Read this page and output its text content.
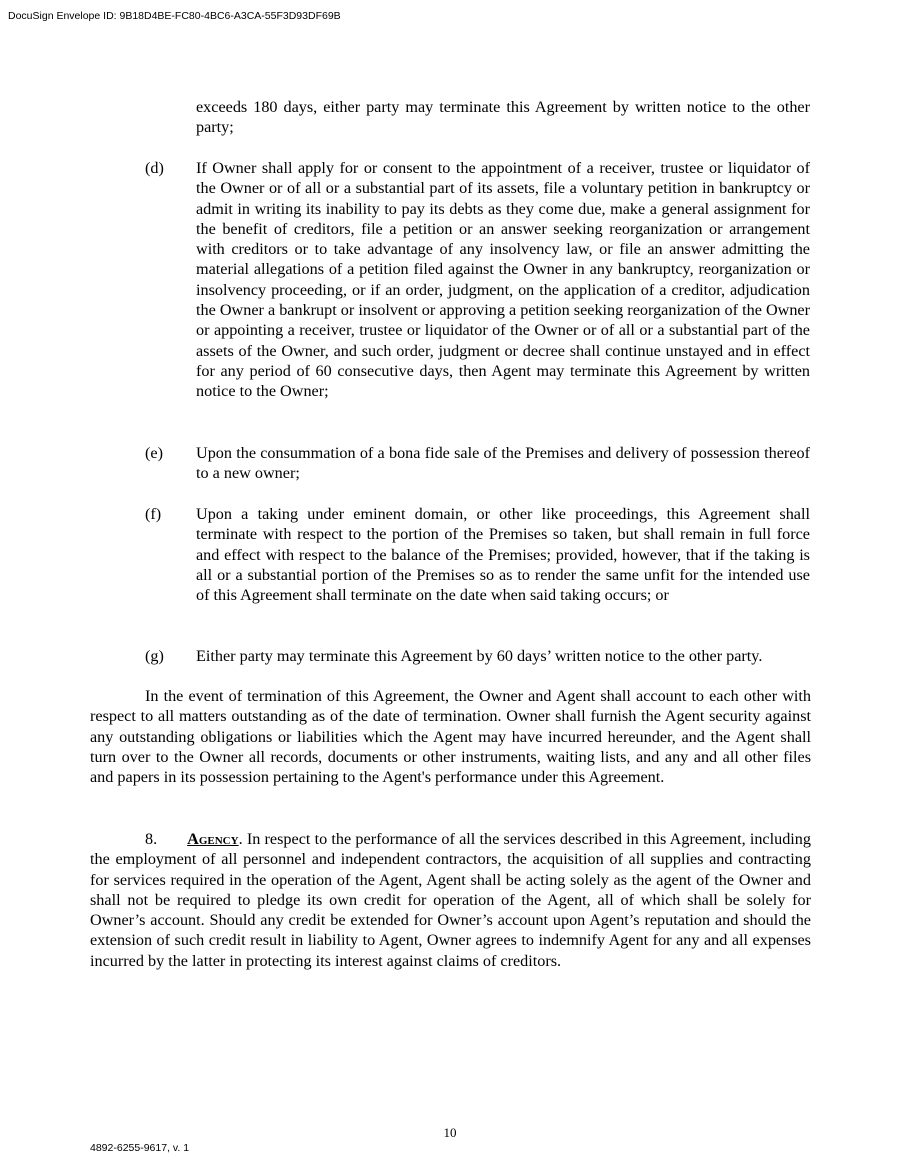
DocuSign Envelope ID: 9B18D4BE-FC80-4BC6-A3CA-55F3D93DF69B
exceeds 180 days, either party may terminate this Agreement by written notice to the other party;
(d) If Owner shall apply for or consent to the appointment of a receiver, trustee or liquidator of the Owner or of all or a substantial part of its assets, file a voluntary petition in bankruptcy or admit in writing its inability to pay its debts as they come due, make a general assignment for the benefit of creditors, file a petition or an answer seeking reorganization or arrangement with creditors or to take advantage of any insolvency law, or file an answer admitting the material allegations of a petition filed against the Owner in any bankruptcy, reorganization or insolvency proceeding, or if an order, judgment, on the application of a creditor, adjudication the Owner a bankrupt or insolvent or approving a petition seeking reorganization of the Owner or appointing a receiver, trustee or liquidator of the Owner or of all or a substantial part of the assets of the Owner, and such order, judgment or decree shall continue unstayed and in effect for any period of 60 consecutive days, then Agent may terminate this Agreement by written notice to the Owner;
(e) Upon the consummation of a bona fide sale of the Premises and delivery of possession thereof to a new owner;
(f) Upon a taking under eminent domain, or other like proceedings, this Agreement shall terminate with respect to the portion of the Premises so taken, but shall remain in full force and effect with respect to the balance of the Premises; provided, however, that if the taking is all or a substantial portion of the Premises so as to render the same unfit for the intended use of this Agreement shall terminate on the date when said taking occurs; or
(g) Either party may terminate this Agreement by 60 days’ written notice to the other party.
In the event of termination of this Agreement, the Owner and Agent shall account to each other with respect to all matters outstanding as of the date of termination. Owner shall furnish the Agent security against any outstanding obligations or liabilities which the Agent may have incurred hereunder, and the Agent shall turn over to the Owner all records, documents or other instruments, waiting lists, and any and all other files and papers in its possession pertaining to the Agent's performance under this Agreement.
8. Agency. In respect to the performance of all the services described in this Agreement, including the employment of all personnel and independent contractors, the acquisition of all supplies and contracting for services required in the operation of the Agent, Agent shall be acting solely as the agent of the Owner and shall not be required to pledge its own credit for operation of the Agent, all of which shall be solely for Owner’s account. Should any credit be extended for Owner’s account upon Agent’s reputation and should the extension of such credit result in liability to Agent, Owner agrees to indemnify Agent for any and all expenses incurred by the latter in protecting its interest against claims of creditors.
10
4892-6255-9617, v. 1
